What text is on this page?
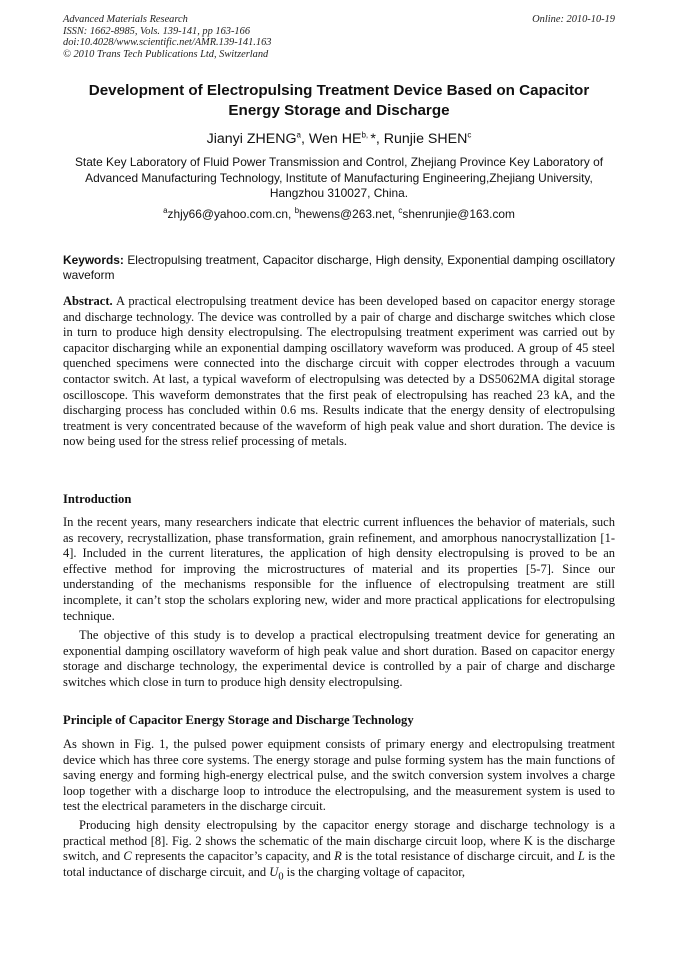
Advanced Materials Research
ISSN: 1662-8985, Vols. 139-141, pp 163-166
doi:10.4028/www.scientific.net/AMR.139-141.163
© 2010 Trans Tech Publications Ltd, Switzerland
Online: 2010-10-19
Development of Electropulsing Treatment Device Based on Capacitor
Energy Storage and Discharge
Jianyi ZHENG$^a$, Wen $HE^{b,}$ *, Runjie SHEN$^c$
State Key Laboratory of Fluid Power Transmission and Control, Zhejiang Province Key Laboratory of
Advanced Manufacturing Technology, Institute of Manufacturing Engineering,Zhejiang University,
Hangzhou 310027, China.
$^a$zhjy66@yahoo.com.cn, $^b$hewens@263.net, $^c$shenrunjie@163.com

Keywords: Electropulsing treatment, Capacitor discharge, High density, Exponential damping oscillatory waveform

Abstract. A practical electropulsing treatment device has been developed based on capacitor energy storage and discharge technology. The device was controlled by a pair of charge and discharge switches which close in turn to produce high density electropulsing. The electropulsing treatment experiment was carried out by capacitor discharging while an exponential damping oscillatory waveform was produced. A group of 45 steel quenched specimens were connected into the discharge circuit with copper electrodes through a vacuum contactor switch. At last, a typical waveform of electropulsing was detected by a DS5062MA digital storage oscilloscope. This waveform demonstrates that the first peak of electropulsing has reached 23 kA, and the discharging process has concluded within 0.6 ms. Results indicate that the energy density of electropulsing treatment is very concentrated because of the waveform of high peak value and short duration. The device is now being used for the stress relief processing of metals.

Introduction

In the recent years, many researchers indicate that electric current influences the behavior of materials, such as recovery, recrystallization, phase transformation, grain refinement, and amorphous nanocrystallization [1-4]. Included in the current literatures, the application of high density electropulsing is proved to be an effective method for improving the microstructures of material and its properties [5-7]. Since our understanding of the mechanisms responsible for the influence of electropulsing treatment are still incomplete, it can’t stop the scholars exploring new, wider and more practical applications for electropulsing technique.

The objective of this study is to develop a practical electropulsing treatment device for generating an exponential damping oscillatory waveform of high peak value and short duration. Based on capacitor energy storage and discharge technology, the experimental device is controlled by a pair of charge and discharge switches which close in turn to produce high density electropulsing.

Principle of Capacitor Energy Storage and Discharge Technology

As shown in Fig. 1, the pulsed power equipment consists of primary energy and electropulsing treatment device which has three core systems. The energy storage and pulse forming system has the main functions of saving energy and forming high-energy electrical pulse, and the switch conversion system involves a charge loop together with a discharge loop to introduce the electropulsing, and the measurement system is used to test the electrical parameters in the discharge circuit.

Producing high density electropulsing by the capacitor energy storage and discharge technology is a practical method [8]. Fig. 2 shows the schematic of the main discharge circuit loop, where K is the discharge switch, and C represents the capacitor’s capacity, and R is the total resistance of discharge circuit, and L is the total inductance of discharge circuit, and $U_0$ is the charging voltage of capacitor,
